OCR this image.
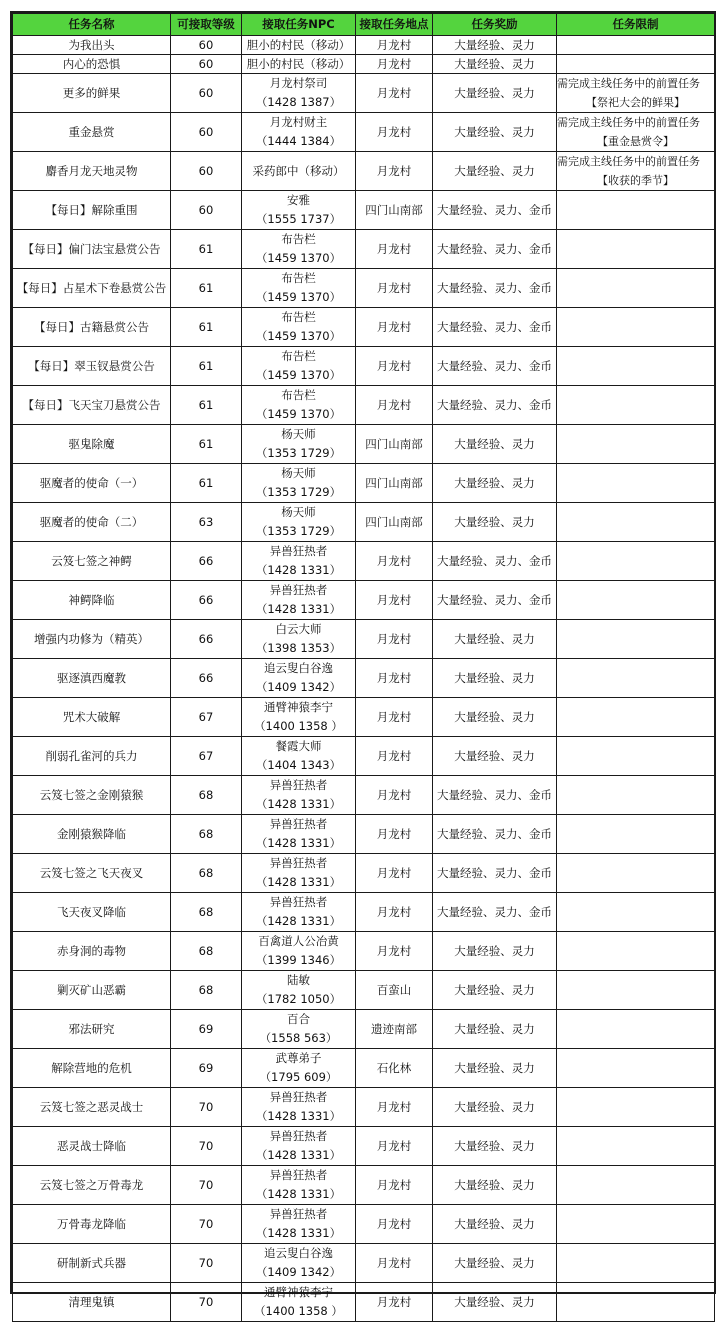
任务名称	可接取等级	接取任务NPC	接取任务地点	任务奖励	任务限制
为我出头	60	胆小的村民（移动）	月龙村	大量经验、灵力	
内心的恐惧	60	胆小的村民（移动）	月龙村	大量经验、灵力	
更多的鲜果	60	月龙村祭司
（1428 1387）	月龙村	大量经验、灵力	需完成主线任务中的前置任务
【祭祀大会的鲜果】

重金悬赏	60	月龙村财主
（1444 1384）	月龙村	大量经验、灵力	需完成主线任务中的前置任务
【重金悬赏令】

麝香月龙天地灵物	60	采药郎中（移动）	月龙村	大量经验、灵力	需完成主线任务中的前置任务
【收获的季节】

【每日】解除重围	60	安雅
（1555 1737）	四门山南部	大量经验、灵力、金币	
【每日】偏门法宝悬赏公告	61	布告栏
（1459 1370）	月龙村	大量经验、灵力、金币	
【每日】占星术下卷悬赏公告	61	布告栏
（1459 1370）	月龙村	大量经验、灵力、金币	
【每日】古籍悬赏公告	61	布告栏
（1459 1370）	月龙村	大量经验、灵力、金币	
【每日】翠玉钗悬赏公告	61	布告栏
（1459 1370）	月龙村	大量经验、灵力、金币	
【每日】飞天宝刀悬赏公告	61	布告栏
（1459 1370）	月龙村	大量经验、灵力、金币	
驱鬼除魔	61	杨天师
（1353 1729）	四门山南部	大量经验、灵力	
驱魔者的使命（一）	61	杨天师
（1353 1729）	四门山南部	大量经验、灵力	
驱魔者的使命（二）	63	杨天师
（1353 1729）	四门山南部	大量经验、灵力	
云笈七签之神鳄	66	异兽狂热者
（1428 1331）	月龙村	大量经验、灵力、金币	
神鳄降临	66	异兽狂热者
（1428 1331）	月龙村	大量经验、灵力、金币	
增强内功修为（精英）	66	白云大师
（1398 1353）	月龙村	大量经验、灵力	
驱逐滇西魔教	66	追云叟白谷逸
（1409 1342）	月龙村	大量经验、灵力	
咒术大破解	67	通臂神猿李宁
（1400 1358 ）	月龙村	大量经验、灵力	
削弱孔雀河的兵力	67	餐霞大师
（1404 1343）	月龙村	大量经验、灵力	
云笈七签之金刚猿猴	68	异兽狂热者
（1428 1331）	月龙村	大量经验、灵力、金币	
金刚猿猴降临	68	异兽狂热者
（1428 1331）	月龙村	大量经验、灵力、金币	
云笈七签之飞天夜叉	68	异兽狂热者
（1428 1331）	月龙村	大量经验、灵力、金币	
飞天夜叉降临	68	异兽狂热者
（1428 1331）	月龙村	大量经验、灵力、金币	
赤身洞的毒物	68	百禽道人公冶黄
（1399 1346）	月龙村	大量经验、灵力	
剿灭矿山恶霸	68	陆敏
（1782 1050）	百蛮山	大量经验、灵力	
邪法研究	69	百合
（1558 563）	遗迹南部	大量经验、灵力	
解除营地的危机	69	武尊弟子
（1795 609）	石化林	大量经验、灵力	
云笈七签之恶灵战士	70	异兽狂热者
（1428 1331）	月龙村	大量经验、灵力	
恶灵战士降临	70	异兽狂热者
（1428 1331）	月龙村	大量经验、灵力	
云笈七签之万骨毒龙	70	异兽狂热者
（1428 1331）	月龙村	大量经验、灵力	
万骨毒龙降临	70	异兽狂热者
（1428 1331）	月龙村	大量经验、灵力	
研制新式兵器	70	追云叟白谷逸
（1409 1342）	月龙村	大量经验、灵力	
清理鬼镇	70	通臂神猿李宁
（1400 1358 ）	月龙村	大量经验、灵力	
